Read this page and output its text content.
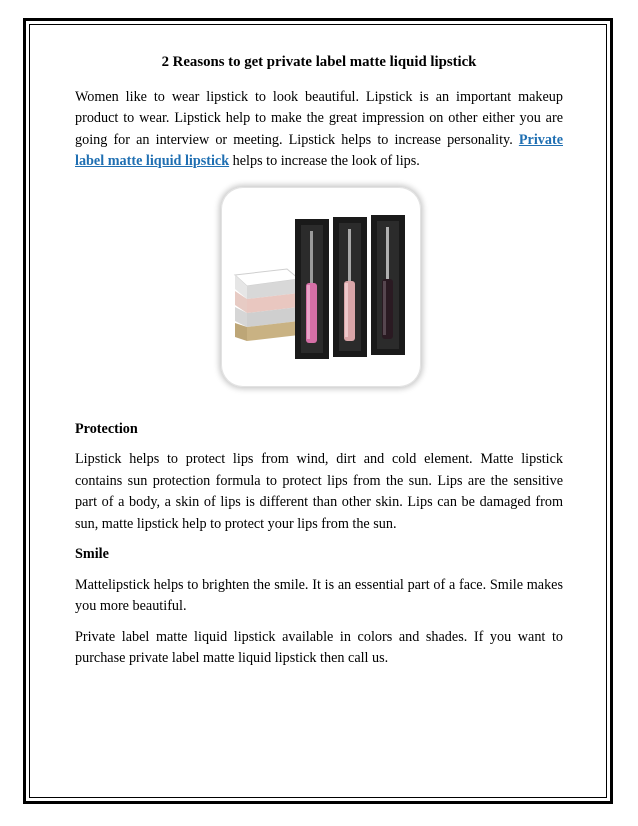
2 Reasons to get private label matte liquid lipstick

Women like to wear lipstick to look beautiful. Lipstick is an important makeup product to wear. Lipstick help to make the great impression on other either you are going for an interview or meeting. Lipstick helps to increase personality. Private label matte liquid lipstick helps to increase the look of lips.

Protection

Lipstick helps to protect lips from wind, dirt and cold element. Matte lipstick contains sun protection formula to protect lips from the sun. Lips are the sensitive part of a body, a skin of lips is different than other skin. Lips can be damaged from sun, matte lipstick help to protect your lips from the sun.

Smile

Mattelipstick helps to brighten the smile. It is an essential part of a face. Smile makes you more beautiful.

Private label matte liquid lipstick available in colors and shades. If you want to purchase private label matte liquid lipstick then call us.
